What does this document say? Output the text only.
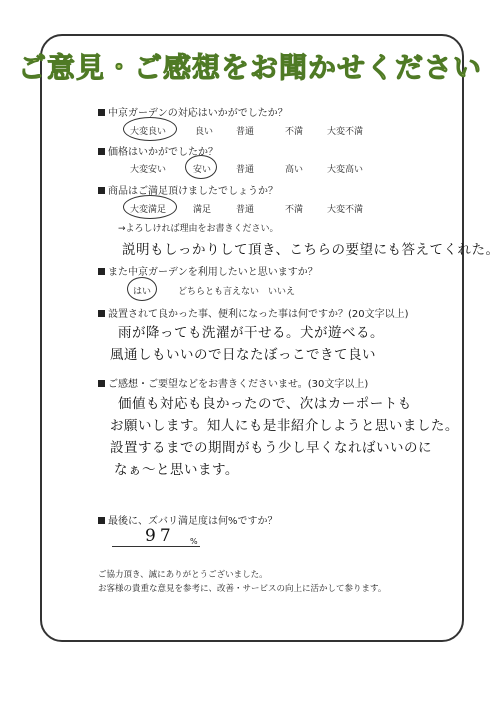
ご意見・ご感想をお聞かせください
中京ガーデンの対応はいかがでしたか？
大変良い	良い	普通	不満	大変不満
価格はいかがでしたか？
大変安い	安い	普通	高い	大変高い
商品はご満足頂けましたでしょうか？
大変満足	満足	普通	不満	大変不満
→よろしければ理由をお書きください。
説明もしっかりして頂き、こちらの要望にも答えてくれた。
また中京ガーデンを利用したいと思いますか？
はい	どちらとも言えない いいえ
設置されて良かった事、便利になった事は何ですか？(20文字以上)
雨が降っても洗濯が干せる。犬が遊べる。
風通しもいいので日なたぼっこできて良い
ご感想・ご要望などをお書きくださいませ。(30文字以上)
価値も対応も良かったので、次はカーポートも
お願いします。知人にも是非紹介しようと思いました。
設置するまでの期間がもう少し早くなればいいのに
なぁ～と思います。
最後に、ズバリ満足度は何%ですか？
97 %
ご協力頂き、誠にありがとうございました。
お客様の貴重な意見を参考に、改善・サービスの向上に活かして参ります。
